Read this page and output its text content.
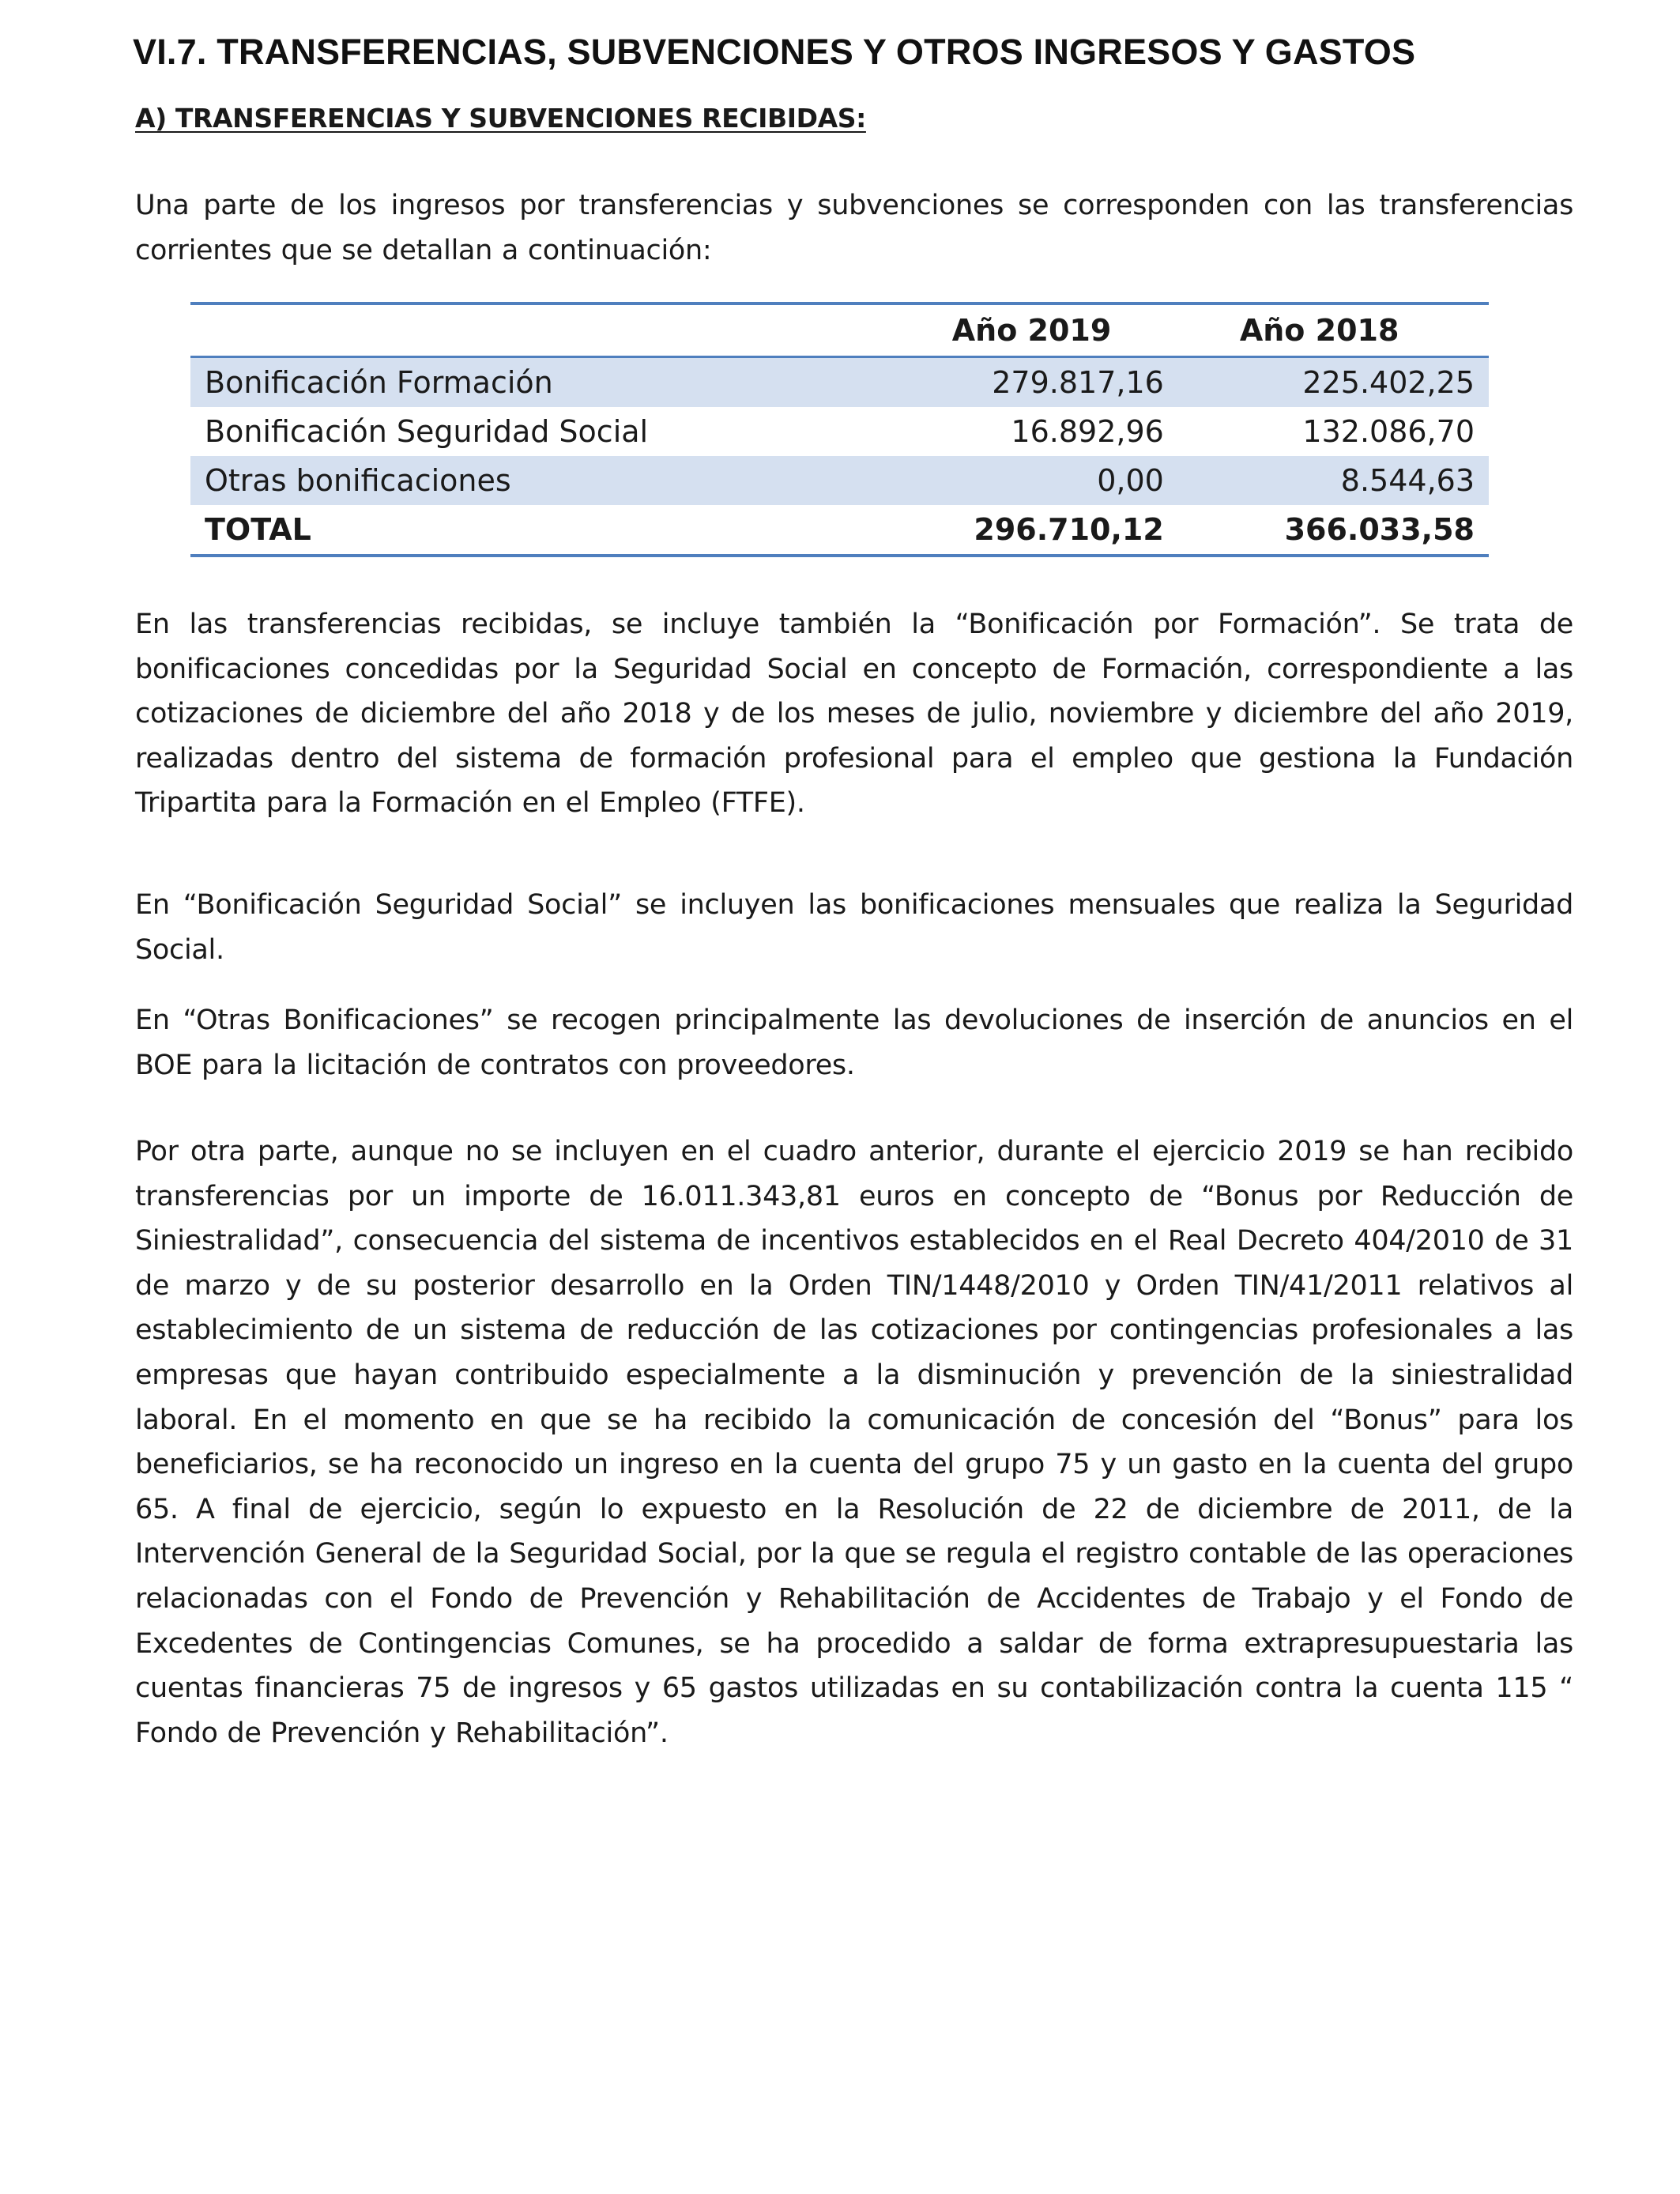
VI.7. TRANSFERENCIAS, SUBVENCIONES Y OTROS INGRESOS Y GASTOS
A) TRANSFERENCIAS Y SUBVENCIONES RECIBIDAS:

Una parte de los ingresos por transferencias y subvenciones se corresponden con las transferencias corrientes que se detallan a continuación:

	Año 2019	Año 2018
Bonificación Formación	279.817,16	225.402,25
Bonificación Seguridad Social	16.892,96	132.086,70
Otras bonificaciones	0,00	8.544,63
TOTAL	296.710,12	366.033,58

En las transferencias recibidas, se incluye también la “Bonificación por Formación”. Se trata de bonificaciones concedidas por la Seguridad Social en concepto de Formación, correspondiente a las cotizaciones de diciembre del año 2018 y de los meses de julio, noviembre y diciembre del año 2019, realizadas dentro del sistema de formación profesional para el empleo que gestiona la Fundación Tripartita para la Formación en el Empleo (FTFE).

En “Bonificación Seguridad Social” se incluyen las bonificaciones mensuales que realiza la Seguridad Social.

En “Otras Bonificaciones” se recogen principalmente las devoluciones de inserción de anuncios en el BOE para la licitación de contratos con proveedores.

Por otra parte, aunque no se incluyen en el cuadro anterior, durante el ejercicio 2019 se han recibido transferencias por un importe de 16.011.343,81 euros en concepto de “Bonus por Reducción de Siniestralidad”, consecuencia del sistema de incentivos establecidos en el Real Decreto 404/2010 de 31 de marzo y de su posterior desarrollo en la Orden TIN/1448/2010 y Orden TIN/41/2011 relativos al establecimiento de un sistema de reducción de las cotizaciones por contingencias profesionales a las empresas que hayan contribuido especialmente a la disminución y prevención de la siniestralidad laboral. En el momento en que se ha recibido la comunicación de concesión del “Bonus” para los beneficiarios, se ha reconocido un ingreso en la cuenta del grupo 75 y un gasto en la cuenta del grupo 65. A final de ejercicio, según lo expuesto en la Resolución de 22 de diciembre de 2011, de la Intervención General de la Seguridad Social, por la que se regula el registro contable de las operaciones relacionadas con el Fondo de Prevención y Rehabilitación de Accidentes de Trabajo y el Fondo de Excedentes de Contingencias Comunes, se ha procedido a saldar de forma extrapresupuestaria las cuentas financieras 75 de ingresos y 65 gastos utilizadas en su contabilización contra la cuenta 115 “ Fondo de Prevención y Rehabilitación”.
